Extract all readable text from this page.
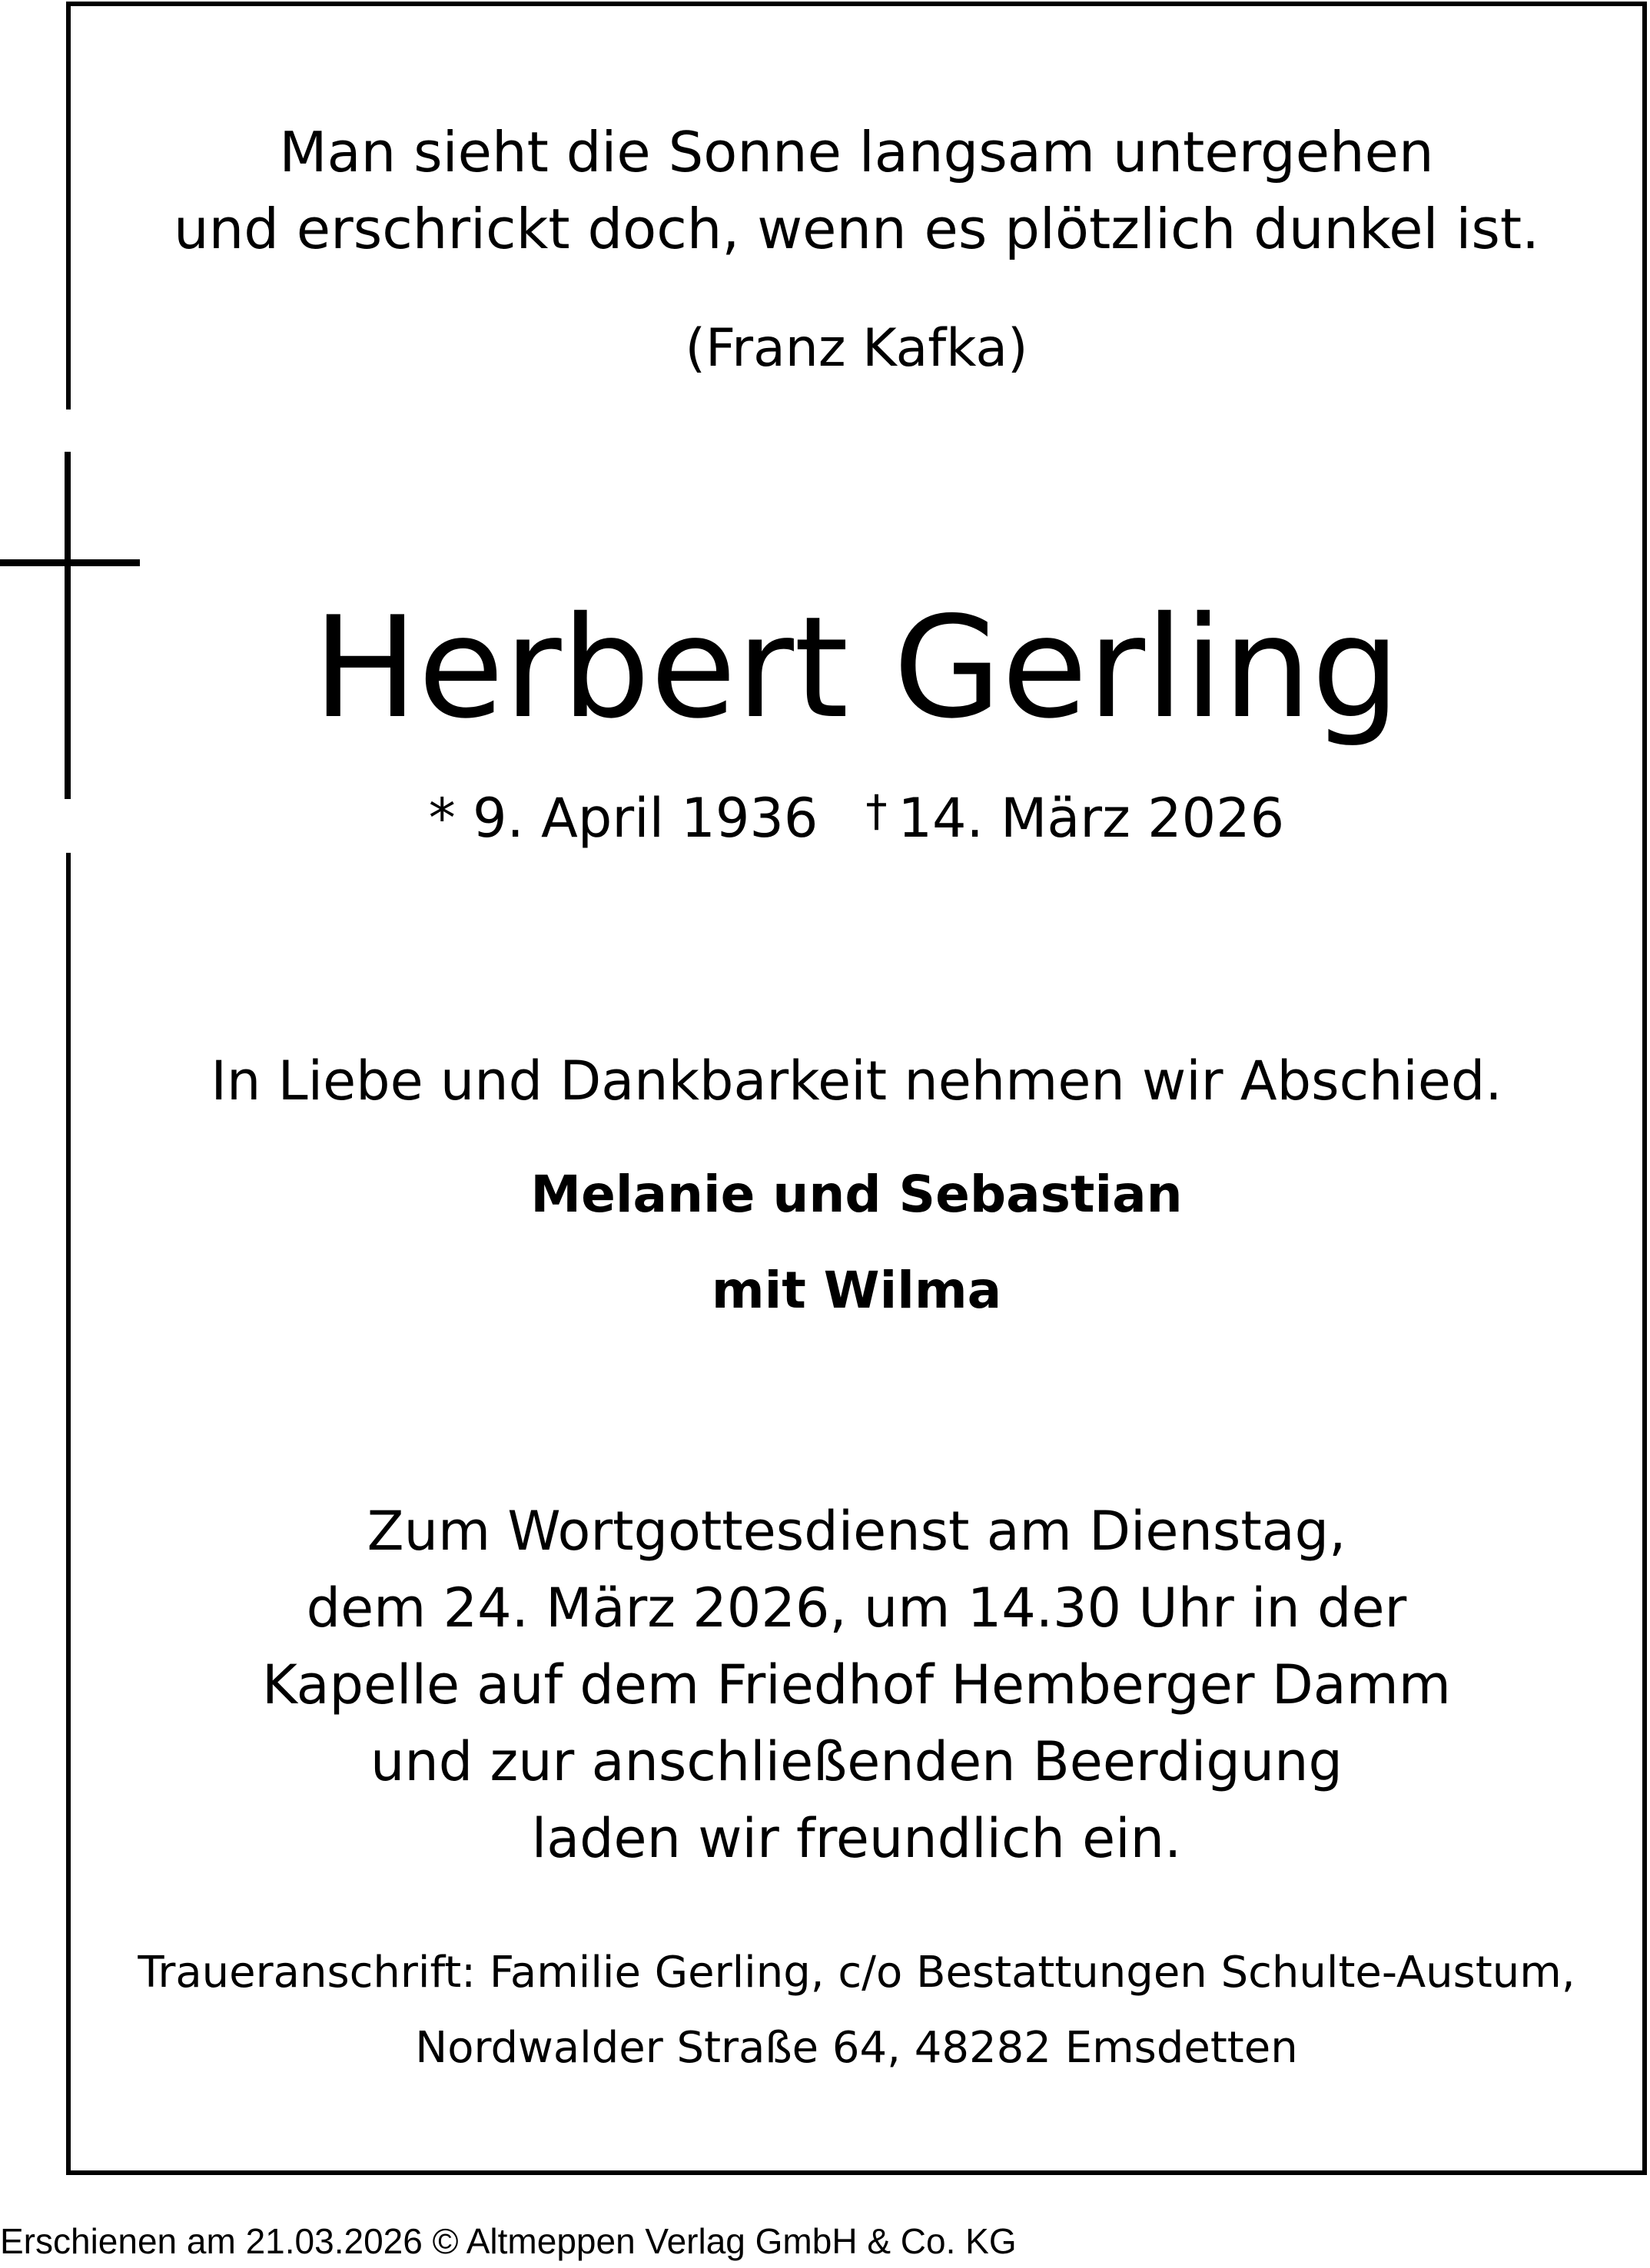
Man sieht die Sonne langsam untergehen
und erschrickt doch, wenn es plötzlich dunkel ist.
(Franz Kafka)
Herbert Gerling
* 9. April 1936 † 14. März 2026
In Liebe und Dankbarkeit nehmen wir Abschied.
Melanie und Sebastian
mit Wilma
Zum Wortgottesdienst am Dienstag,
dem 24. März 2026, um 14.30 Uhr in der
Kapelle auf dem Friedhof Hemberger Damm
und zur anschließenden Beerdigung
laden wir freundlich ein.
Traueranschrift: Familie Gerling, c/o Bestattungen Schulte-Austum,
Nordwalder Straße 64, 48282 Emsdetten
Erschienen am 21.03.2026 © Altmeppen Verlag GmbH & Co. KG
